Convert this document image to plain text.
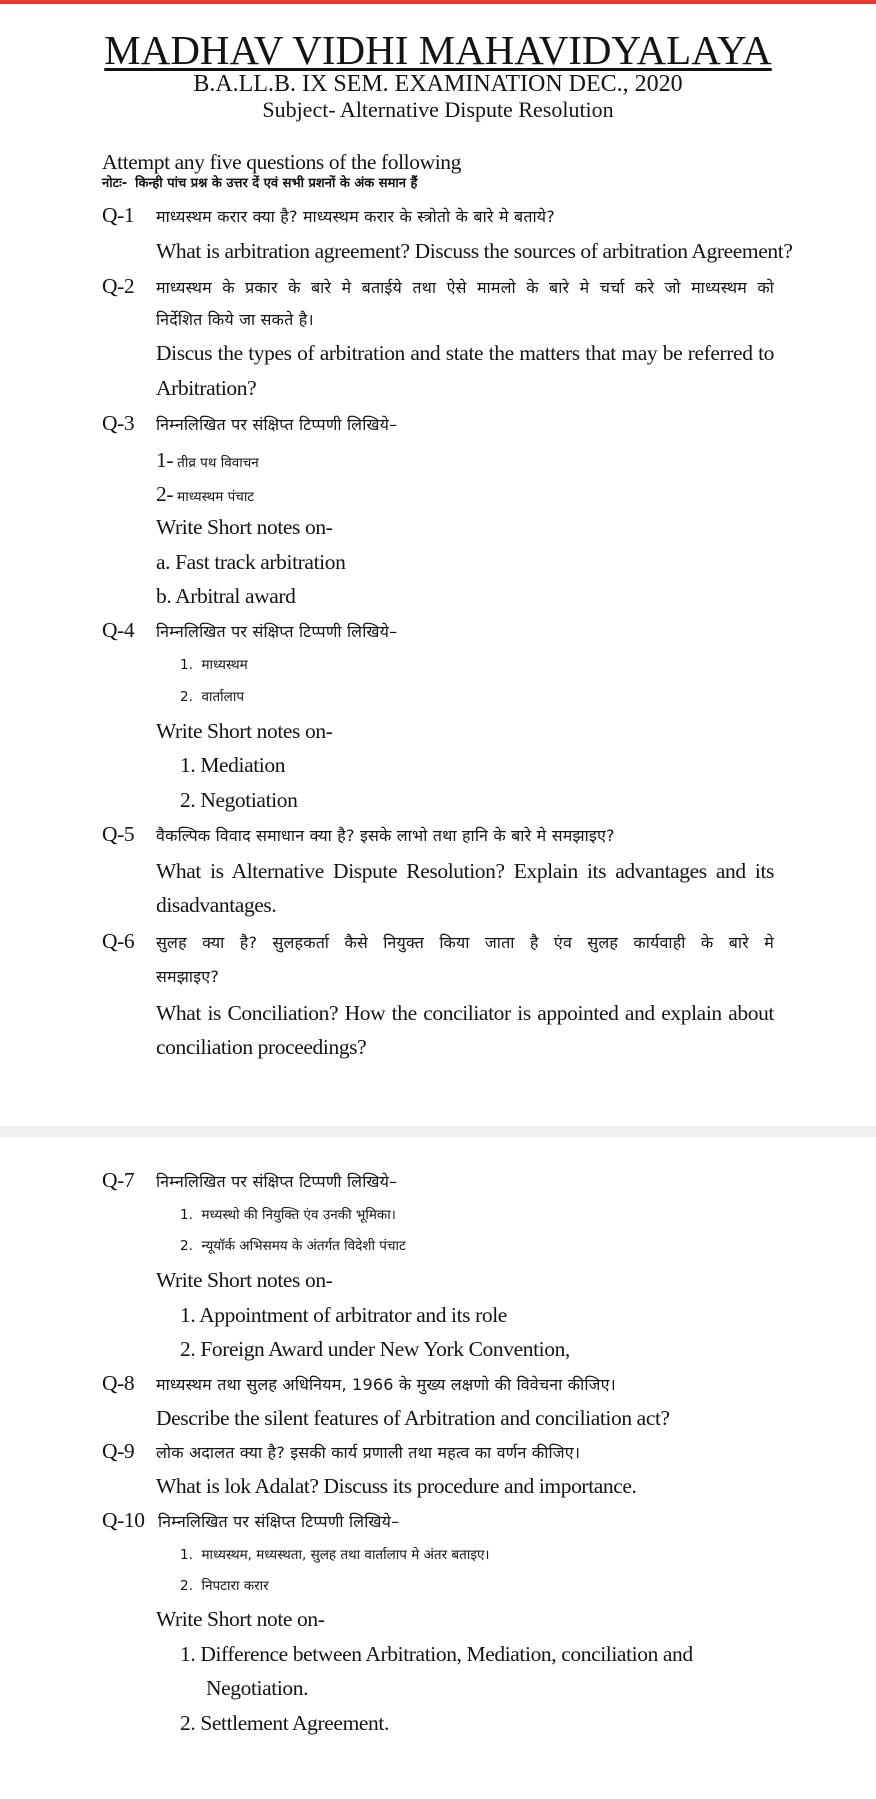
MADHAV VIDHI MAHAVIDYALAYA
B.A.LL.B. IX SEM. EXAMINATION DEC., 2020
Subject- Alternative Dispute Resolution
Attempt any five questions of the following
नोटः- किन्ही पांच प्रश्न के उत्तर दें एवं सभी प्रशनों के अंक समान हैं
Q-1 माध्यस्थम करार क्या है? माध्यस्थम करार के स्त्रोतो के बारे मे बताये?
What is arbitration agreement? Discuss the sources of arbitration Agreement?
Q-2 माध्यस्थम के प्रकार के बारे मे बताईये तथा ऐसे मामलो के बारे मे चर्चा करे जो माध्यस्थम को
निर्देशित किये जा सकते है।
Discus the types of arbitration and state the matters that may be referred to
Arbitration?
Q-3 निम्नलिखित पर संक्षिप्त टिप्पणी लिखिये–
1- तीव्र पथ विवाचन
2- माध्यस्थम पंचाट
Write Short notes on-
a. Fast track arbitration
b. Arbitral award
Q-4 निम्नलिखित पर संक्षिप्त टिप्पणी लिखिये–
1. माध्यस्थम
2. वार्तालाप
Write Short notes on-
1. Mediation
2. Negotiation
Q-5 वैकल्पिक विवाद समाधान क्या है? इसके लाभो तथा हानि के बारे मे समझाइए?
What is Alternative Dispute Resolution? Explain its advantages and its
disadvantages.
Q-6 सुलह क्या है? सुलहकर्ता कैसे नियुक्त किया जाता है एंव सुलह कार्यवाही के बारे मे
समझाइए?
What is Conciliation? How the conciliator is appointed and explain about
conciliation proceedings?
Q-7 निम्नलिखित पर संक्षिप्त टिप्पणी लिखिये–
1. मध्यस्थो की नियुक्ति एंव उनकी भूमिका।
2. न्यूयॉर्क अभिसमय के अंतर्गत विदेशी पंचाट
Write Short notes on-
1. Appointment of arbitrator and its role
2. Foreign Award under New York Convention,
Q-8 माध्यस्थम तथा सुलह अधिनियम, 1966 के मुख्य लक्षणो की विवेचना कीजिए।
Describe the silent features of Arbitration and conciliation act?
Q-9 लोक अदालत क्या है? इसकी कार्य प्रणाली तथा महत्व का वर्णन कीजिए।
What is lok Adalat? Discuss its procedure and importance.
Q-10 निम्नलिखित पर संक्षिप्त टिप्पणी लिखिये–
1. माध्यस्थम, मध्यस्थता, सुलह तथा वार्तालाप मे अंतर बताइए।
2. निपटारा करार
Write Short note on-
1. Difference between Arbitration, Mediation, conciliation and
Negotiation.
2. Settlement Agreement.
